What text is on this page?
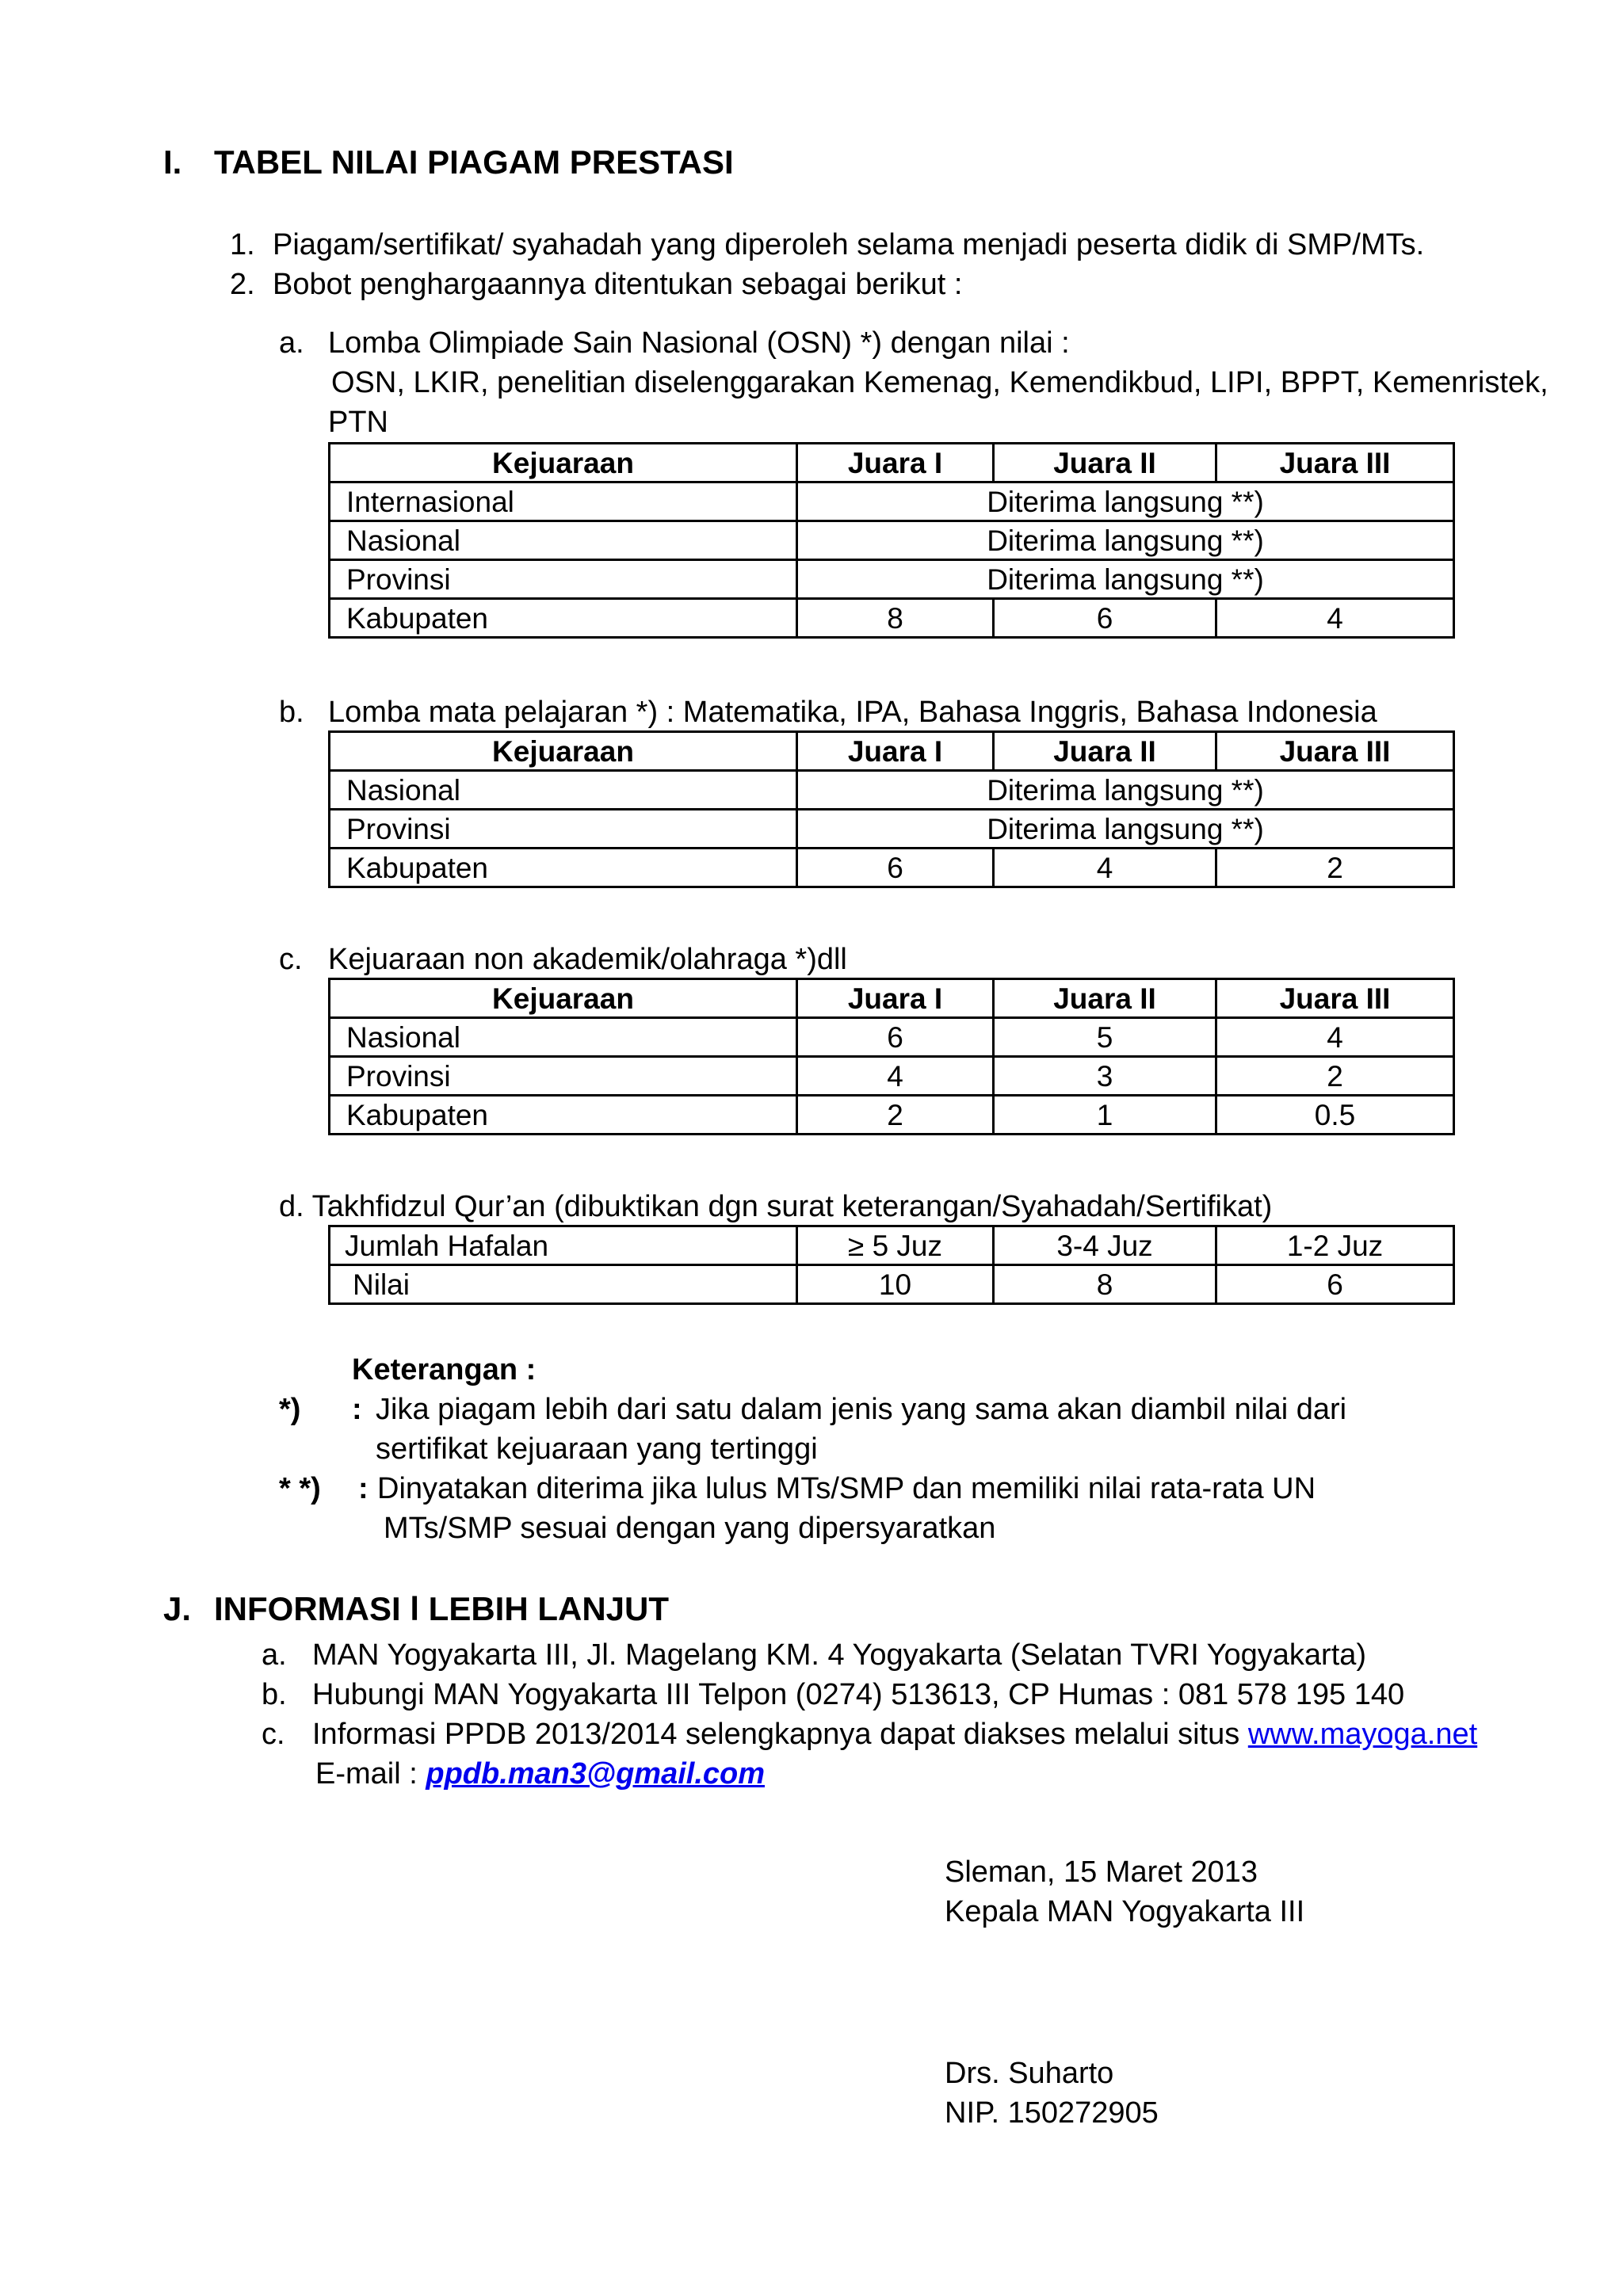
I. TABEL NILAI PIAGAM PRESTASI
1. Piagam/sertifikat/ syahadah yang diperoleh selama menjadi peserta didik di SMP/MTs.
2. Bobot penghargaannya ditentukan sebagai berikut :
a. Lomba Olimpiade Sain Nasional (OSN) *) dengan nilai :
OSN, LKIR, penelitian diselenggarakan Kemenag, Kemendikbud, LIPI, BPPT, Kemenristek,
PTN
Kejuaraan	Juara I	Juara II	Juara III
Internasional	Diterima langsung **)		
Nasional	Diterima langsung **)		
Provinsi	Diterima langsung **)		
Kabupaten	8	6	4
b. Lomba mata pelajaran *) : Matematika, IPA, Bahasa Inggris, Bahasa Indonesia
Kejuaraan	Juara I	Juara II	Juara III
Nasional	Diterima langsung **)		
Provinsi	Diterima langsung **)		
Kabupaten	6	4	2
c. Kejuaraan non akademik/olahraga *)dll
Kejuaraan	Juara I	Juara II	Juara III
Nasional	6	5	4
Provinsi	4	3	2
Kabupaten	2	1	0.5
d. Takhfidzul Qur’an (dibuktikan dgn surat keterangan/Syahadah/Sertifikat)
Jumlah Hafalan	≥ 5 Juz	3-4 Juz	1-2 Juz
Nilai	10	8	6
Keterangan :
*) : Jika piagam lebih dari satu dalam jenis yang sama akan diambil nilai dari
sertifikat kejuaraan yang tertinggi
* *) : Dinyatakan diterima jika lulus MTs/SMP dan memiliki nilai rata-rata UN
MTs/SMP sesuai dengan yang dipersyaratkan
J. INFORMASI l LEBIH LANJUT
a. MAN Yogyakarta III, Jl. Magelang KM. 4 Yogyakarta (Selatan TVRI Yogyakarta)
b. Hubungi MAN Yogyakarta III Telpon (0274) 513613, CP Humas : 081 578 195 140
c. Informasi PPDB 2013/2014 selengkapnya dapat diakses melalui situs www.mayoga.net
E-mail : ppdb.man3@gmail.com
Sleman, 15 Maret 2013
Kepala MAN Yogyakarta III
Drs. Suharto
NIP. 150272905
